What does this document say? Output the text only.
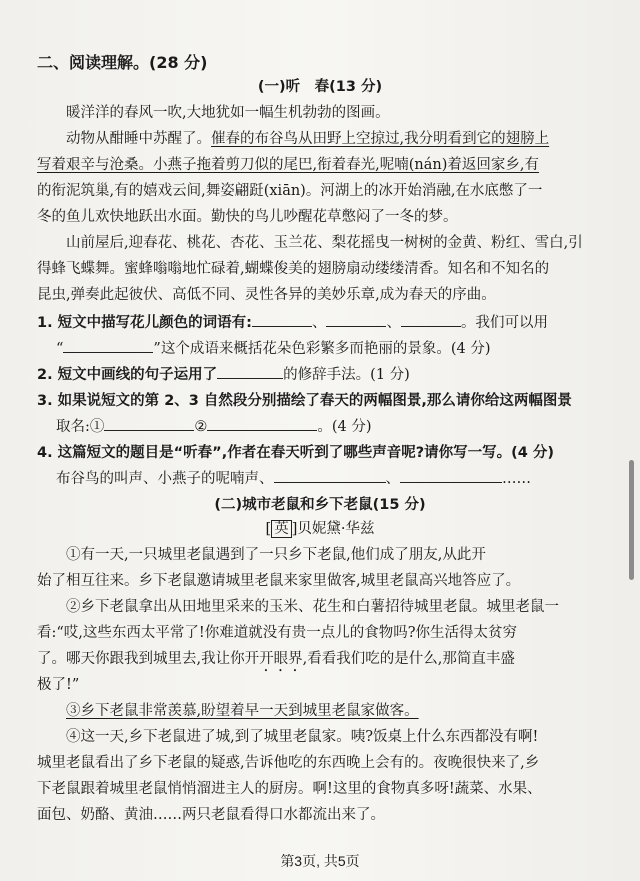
二、阅读理解。(28 分)
(一)听　春(13 分)
暖洋洋的春风一吹,大地犹如一幅生机勃勃的图画。
动物从酣睡中苏醒了。催春的布谷鸟从田野上空掠过,我分明看到它的翅膀上
写着艰辛与沧桑。小燕子拖着剪刀似的尾巴,衔着春光,呢喃(nán)着返回家乡,有
的衔泥筑巢,有的嬉戏云间,舞姿翩跹(xiān)。河湖上的冰开始消融,在水底憋了一
冬的鱼儿欢快地跃出水面。勤快的鸟儿吵醒花草憋闷了一冬的梦。
山前屋后,迎春花、桃花、杏花、玉兰花、梨花摇曳一树树的金黄、粉红、雪白,引
得蜂飞蝶舞。蜜蜂嗡嗡地忙碌着,蝴蝶俊美的翅膀扇动缕缕清香。知名和不知名的
昆虫,弹奏此起彼伏、高低不同、灵性各异的美妙乐章,成为春天的序曲。
1. 短文中描写花儿颜色的词语有:	、	、	。我们可以用
“	”这个成语来概括花朵色彩繁多而艳丽的景象。(4 分)
2. 短文中画线的句子运用了	的修辞手法。(1 分)
3. 如果说短文的第 2、3 自然段分别描绘了春天的两幅图景,那么请你给这两幅图景
取名:①	②	。(4 分)
4. 这篇短文的题目是“听春”,作者在春天听到了哪些声音呢?请你写一写。(4 分)
布谷鸟的叫声、小燕子的呢喃声、	、	……
(二)城市老鼠和乡下老鼠(15 分)
[ 英 ]贝妮黛·华兹
①有一天,一只城里老鼠遇到了一只乡下老鼠,他们成了朋友,从此开
始了相互往来。乡下老鼠邀请城里老鼠来家里做客,城里老鼠高兴地答应了。
②乡下老鼠拿出从田地里采来的玉米、花生和白薯招待城里老鼠。城里老鼠一
看:“哎,这些东西太平常了!你难道就没有贵一点儿的食物吗?你生活得太贫穷
了。哪天你跟我到城里去,我让你开开眼界,看看我们吃的是什么,那简直丰盛
极了!”
③乡下老鼠非常羡慕,盼望着早一天到城里老鼠家做客。
④这一天,乡下老鼠进了城,到了城里老鼠家。咦?饭桌上什么东西都没有啊!
城里老鼠看出了乡下老鼠的疑惑,告诉他吃的东西晚上会有的。夜晚很快来了,乡
下老鼠跟着城里老鼠悄悄溜进主人的厨房。啊!这里的食物真多呀!蔬菜、水果、
面包、奶酪、黄油……两只老鼠看得口水都流出来了。
第3页, 共5页
